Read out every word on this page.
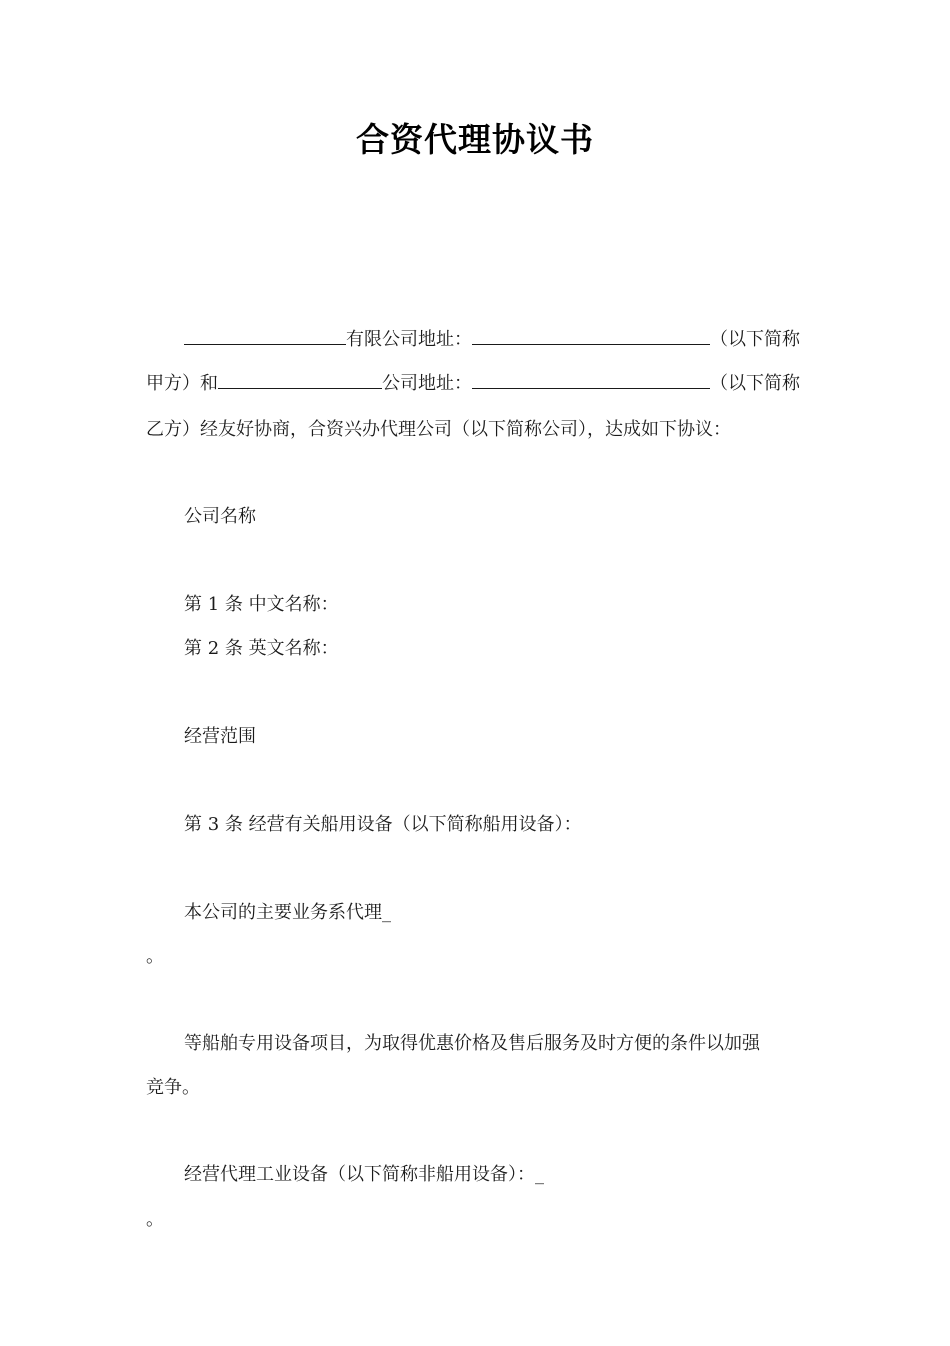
合资代理协议书
有限公司地址：	（以下简称
甲方）和	公司地址：	（以下简称
乙方）经友好协商，合资兴办代理公司（以下简称公司），达成如下协议：
公司名称
第 1 条 中文名称：
第 2 条 英文名称：
经营范围
第 3 条 经营有关船用设备（以下简称船用设备）：
本公司的主要业务系代理_
。
等船舶专用设备项目，为取得优惠价格及售后服务及时方便的条件以加强
竞争。
经营代理工业设备（以下简称非船用设备）：_
。
